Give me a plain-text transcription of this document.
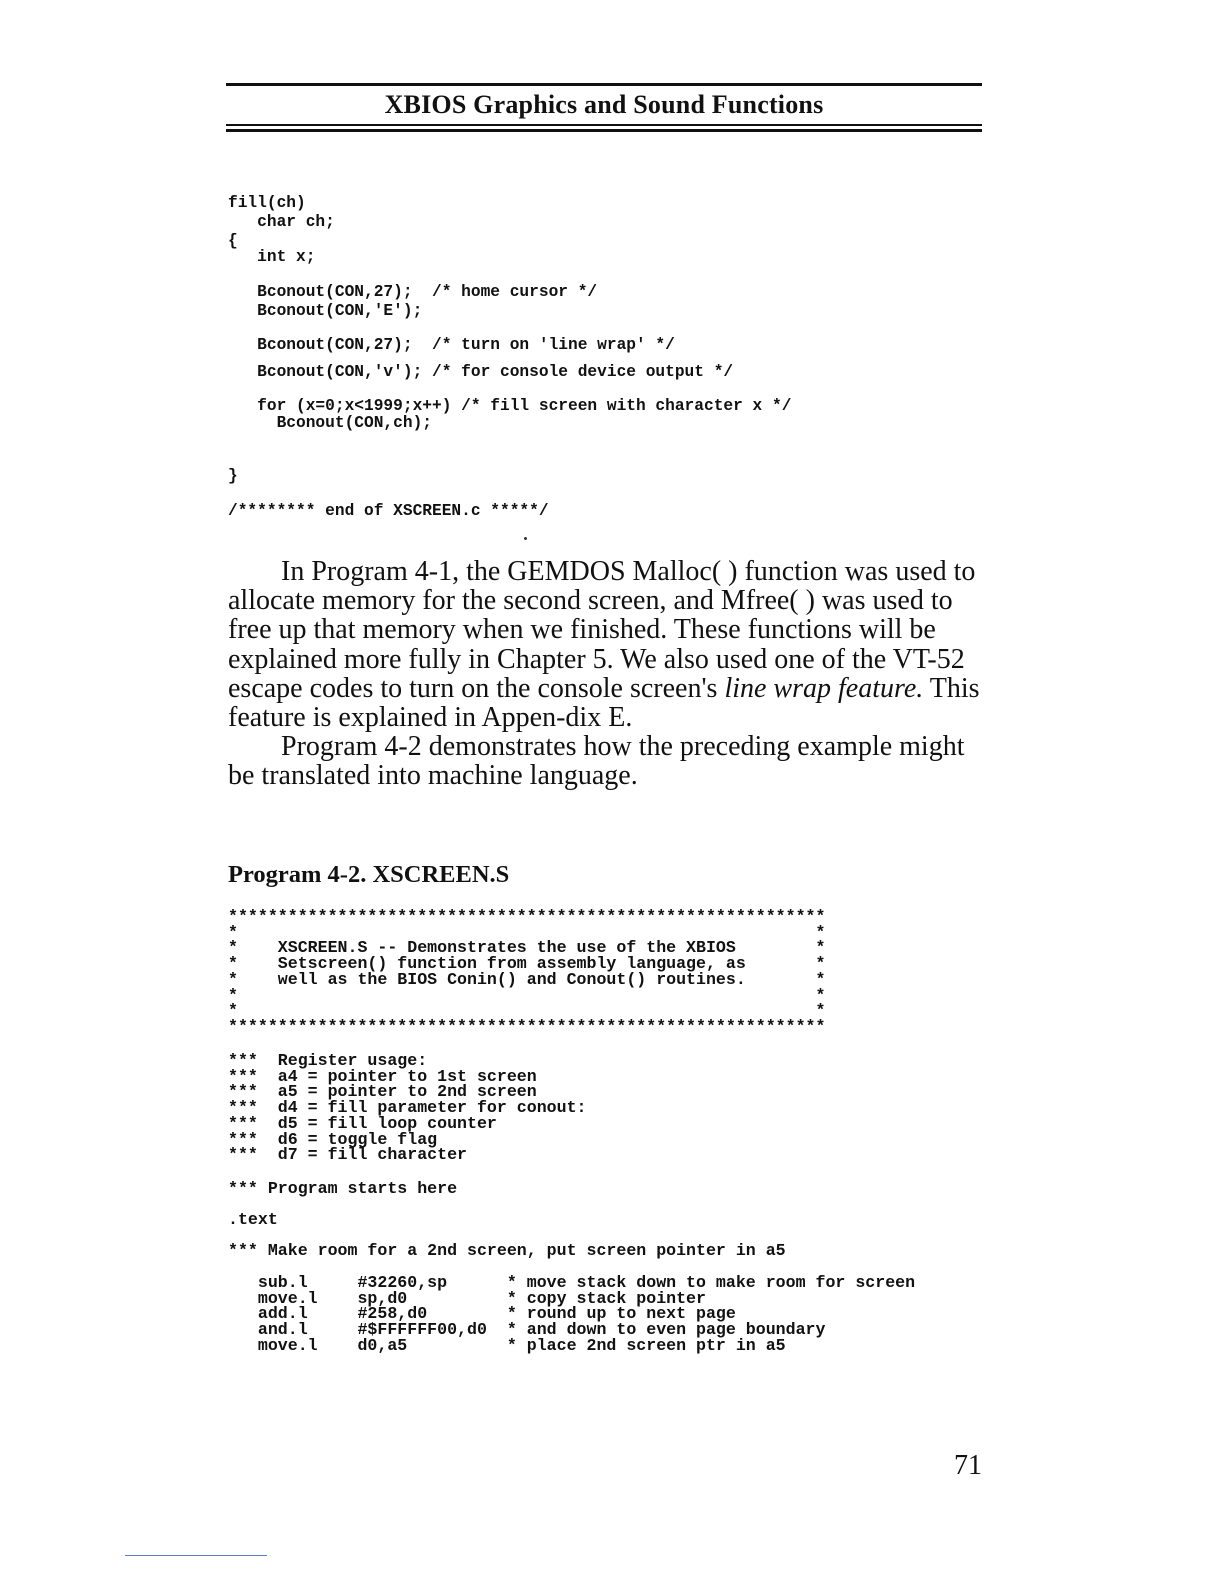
XBIOS Graphics and Sound Functions
fill(ch)
char ch;
{
int x;
Bconout(CON,27);  /* home cursor */
Bconout(CON,'E');
Bconout(CON,27);  /* turn on 'line wrap' */
Bconout(CON,'v'); /* for console device output */
for (x=0;x<1999;x++) /* fill screen with character x */
Bconout(CON,ch);
}
/******** end of XSCREEN.c *****/

In Program 4-1, the GEMDOS Malloc( ) function was used to allocate memory for the second screen, and Mfree( ) was used to free up that memory when we finished. These functions will be explained more fully in Chapter 5. We also used one of the VT-52 escape codes to turn on the console screen's line wrap feature. This feature is explained in Appen-dix E.

Program 4-2 demonstrates how the preceding example might be translated into machine language.

Program 4-2. XSCREEN.S
************************************************************
*                                                          *
*    XSCREEN.S -- Demonstrates the use of the XBIOS        *
*    Setscreen() function from assembly language, as       *
*    well as the BIOS Conin() and Conout() routines.       *
*                                                          *
*                                                          *
************************************************************
***  Register usage:
***  a4 = pointer to 1st screen
***  a5 = pointer to 2nd screen
***  d4 = fill parameter for conout:
***  d5 = fill loop counter
***  d6 = toggle flag
***  d7 = fill character
*** Program starts here
.text
*** Make room for a 2nd screen, put screen pointer in a5
sub.l     #32260,sp      * move stack down to make room for screen
move.l    sp,d0          * copy stack pointer
add.l     #258,d0        * round up to next page
and.l     #$FFFFFF00,d0  * and down to even page boundary
move.l    d0,a5          * place 2nd screen ptr in a5
71
